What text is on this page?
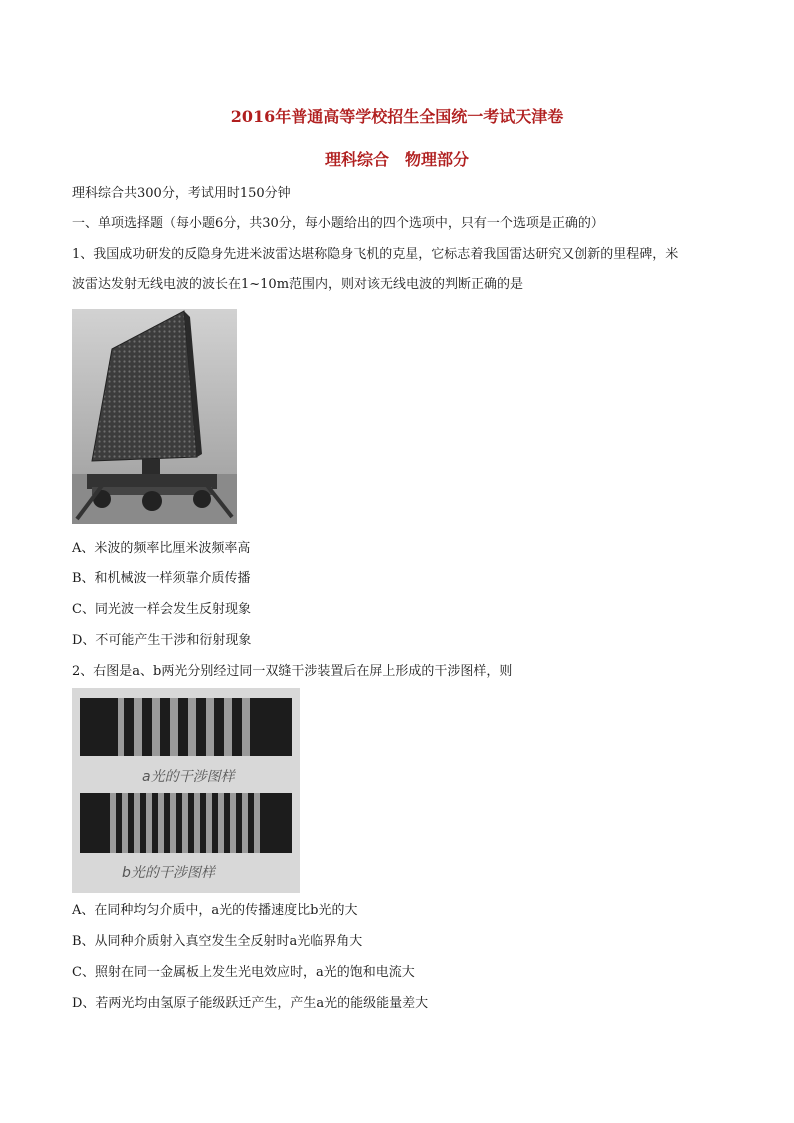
2016年普通高等学校招生全国统一考试天津卷
理科综合　物理部分
理科综合共300分，考试用时150分钟
一、单项选择题（每小题6分，共30分，每小题给出的四个选项中，只有一个选项是正确的）
1、我国成功研发的反隐身先进米波雷达堪称隐身飞机的克星，它标志着我国雷达研究又创新的里程碑，米
波雷达发射无线电波的波长在1~10m范围内，则对该无线电波的判断正确的是
A、米波的频率比厘米波频率高
B、和机械波一样须靠介质传播
C、同光波一样会发生反射现象
D、不可能产生干涉和衍射现象
2、右图是a、b两光分别经过同一双缝干涉装置后在屏上形成的干涉图样，则
a光的干涉图样
b光的干涉图样
A、在同种均匀介质中，a光的传播速度比b光的大
B、从同种介质射入真空发生全反射时a光临界角大
C、照射在同一金属板上发生光电效应时，a光的饱和电流大
D、若两光均由氢原子能级跃迁产生，产生a光的能级能量差大
